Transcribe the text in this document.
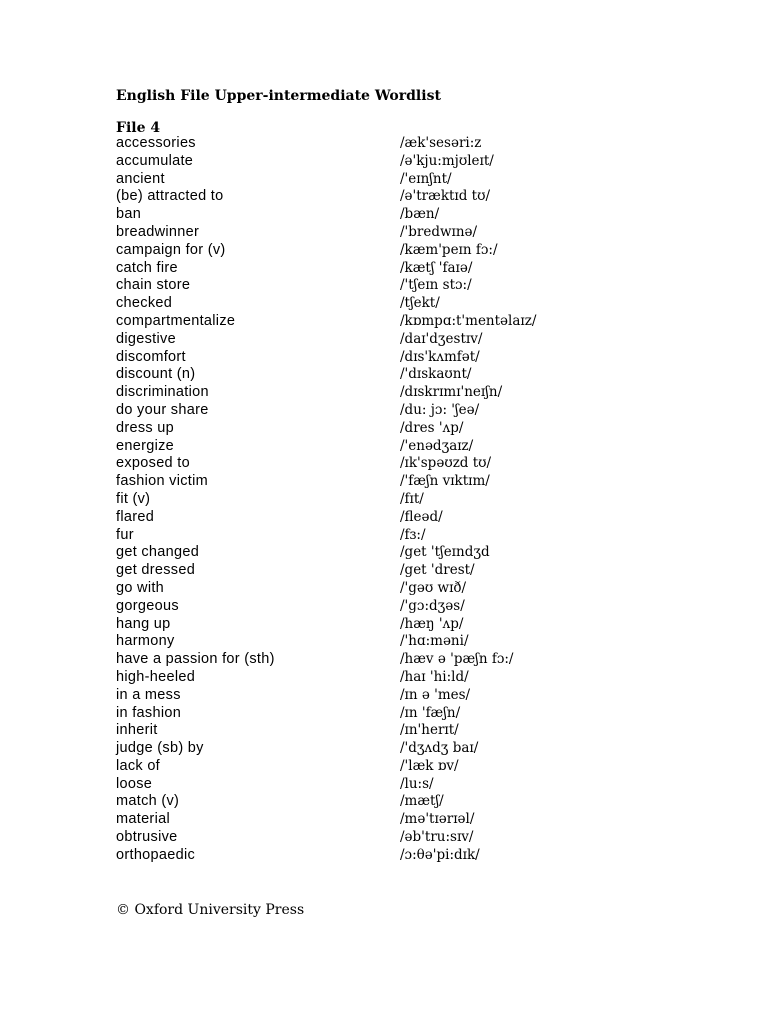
English File Upper-intermediate Wordlist
File 4
accessories	/æk'sesəri:z
accumulate	/ə'kju:mjʊleɪt/
ancient	/'eɪnʃnt/
(be) attracted to	/ə'træktɪd tʊ/
ban	/bæn/
breadwinner	/'bredwɪnə/
campaign for (v)	/kæm'peɪn fɔ:/
catch fire	/kætʃ 'faɪə/
chain store	/'tʃeɪn stɔ:/
checked	/tʃekt/
compartmentalize	/kɒmpɑ:t'mentəlaɪz/
digestive	/daɪ'dʒestɪv/
discomfort	/dɪs'kʌmfət/
discount (n)	/'dɪskaʊnt/
discrimination	/dɪskrɪmɪ'neɪʃn/
do your share	/du: jɔ: 'ʃeə/
dress up	/dres 'ʌp/
energize	/'enədʒaɪz/
exposed to	/ɪk'spəʊzd tʊ/
fashion victim	/'fæʃn vɪktɪm/
fit (v)	/fɪt/
flared	/fleəd/
fur	/fɜ:/
get changed	/get 'tʃeɪndʒd
get dressed	/get 'drest/
go with	/'gəʊ wɪð/
gorgeous	/'gɔ:dʒəs/
hang up	/hæŋ 'ʌp/
harmony	/'hɑ:məni/
have a passion for (sth)	/hæv ə 'pæʃn fɔ:/
high-heeled	/haɪ 'hi:ld/
in a mess	/ɪn ə 'mes/
in fashion	/ɪn 'fæʃn/
inherit	/ɪn'herɪt/
judge (sb) by	/'dʒʌdʒ baɪ/
lack of	/'læk ɒv/
loose	/lu:s/
match (v)	/mætʃ/
material	/mə'tɪərɪəl/
obtrusive	/əb'tru:sɪv/
orthopaedic	/ɔ:θə'pi:dɪk/
© Oxford University Press
